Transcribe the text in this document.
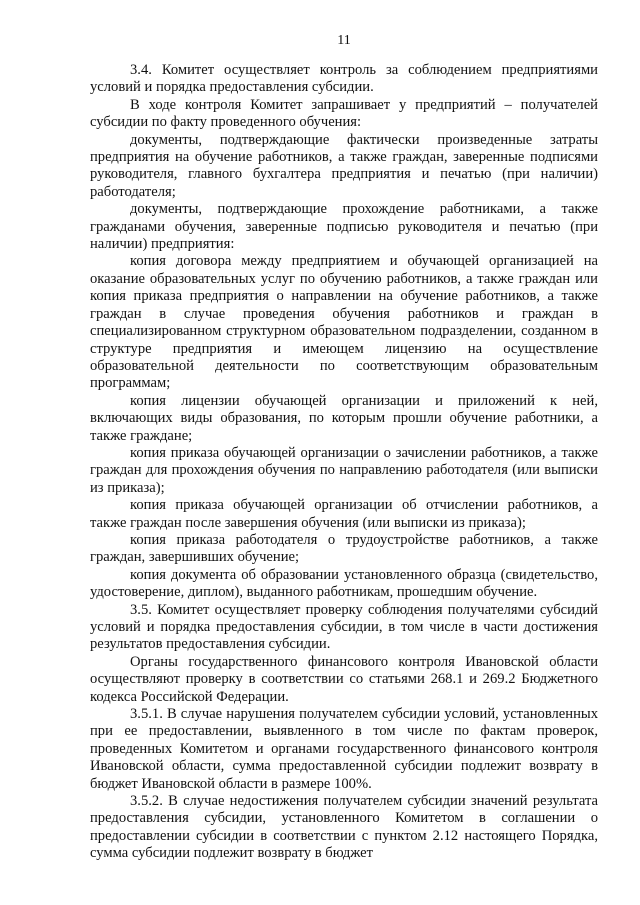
11

3.4. Комитет осуществляет контроль за соблюдением предприятиями условий и порядка предоставления субсидии.

В ходе контроля Комитет запрашивает у предприятий – получателей субсидии по факту проведенного обучения:

документы, подтверждающие фактически произведенные затраты предприятия на обучение работников, а также граждан, заверенные подписями руководителя, главного бухгалтера предприятия и печатью (при наличии) работодателя;

документы, подтверждающие прохождение работниками, а также гражданами обучения, заверенные подписью руководителя и печатью (при наличии) предприятия:

копия договора между предприятием и обучающей организацией на оказание образовательных услуг по обучению работников, а также граждан или копия приказа предприятия о направлении на обучение работников, а также граждан в случае проведения обучения работников и граждан в специализированном структурном образовательном подразделении, созданном в структуре предприятия и имеющем лицензию на осуществление образовательной деятельности по соответствующим образовательным программам;

копия лицензии обучающей организации и приложений к ней, включающих виды образования, по которым прошли обучение работники, а также граждане;

копия приказа обучающей организации о зачислении работников, а также граждан для прохождения обучения по направлению работодателя (или выписки из приказа);

копия приказа обучающей организации об отчислении работников, а также граждан после завершения обучения (или выписки из приказа);

копия приказа работодателя о трудоустройстве работников, а также граждан, завершивших обучение;

копия документа об образовании установленного образца (свидетельство, удостоверение, диплом), выданного работникам, прошедшим обучение.

3.5. Комитет осуществляет проверку соблюдения получателями субсидий условий и порядка предоставления субсидии, в том числе в части достижения результатов предоставления субсидии.

Органы государственного финансового контроля Ивановской области осуществляют проверку в соответствии со статьями 268.1 и 269.2 Бюджетного кодекса Российской Федерации.

3.5.1. В случае нарушения получателем субсидии условий, установленных при ее предоставлении, выявленного в том числе по фактам проверок, проведенных Комитетом и органами государственного финансового контроля Ивановской области, сумма предоставленной субсидии подлежит возврату в бюджет Ивановской области в размере 100%.

3.5.2. В случае недостижения получателем субсидии значений результата предоставления субсидии, установленного Комитетом в соглашении о предоставлении субсидии в соответствии с пунктом 2.12 настоящего Порядка, сумма субсидии подлежит возврату в бюджет
